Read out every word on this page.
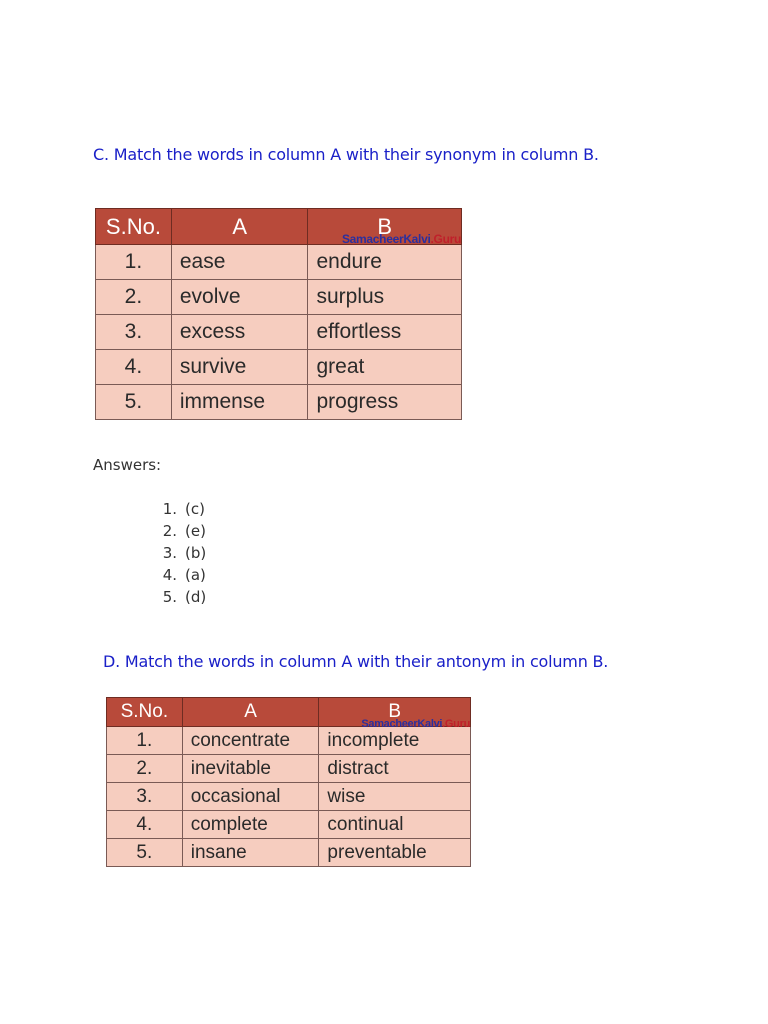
C. Match the words in column A with their synonym in column B.
S.No.	A	B
SamacheerKalvi.Guru

1.	ease	endure
2.	evolve	surplus
3.	excess	effortless
4.	survive	great
5.	immense	progress
Answers:
1. (c)
2. (e)
3. (b)
4. (a)
5. (d)
D. Match the words in column A with their antonym in column B.
S.No.	A	B
SamacheerKalvi.Guru

1.	concentrate	incomplete
2.	inevitable	distract
3.	occasional	wise
4.	complete	continual
5.	insane	preventable
